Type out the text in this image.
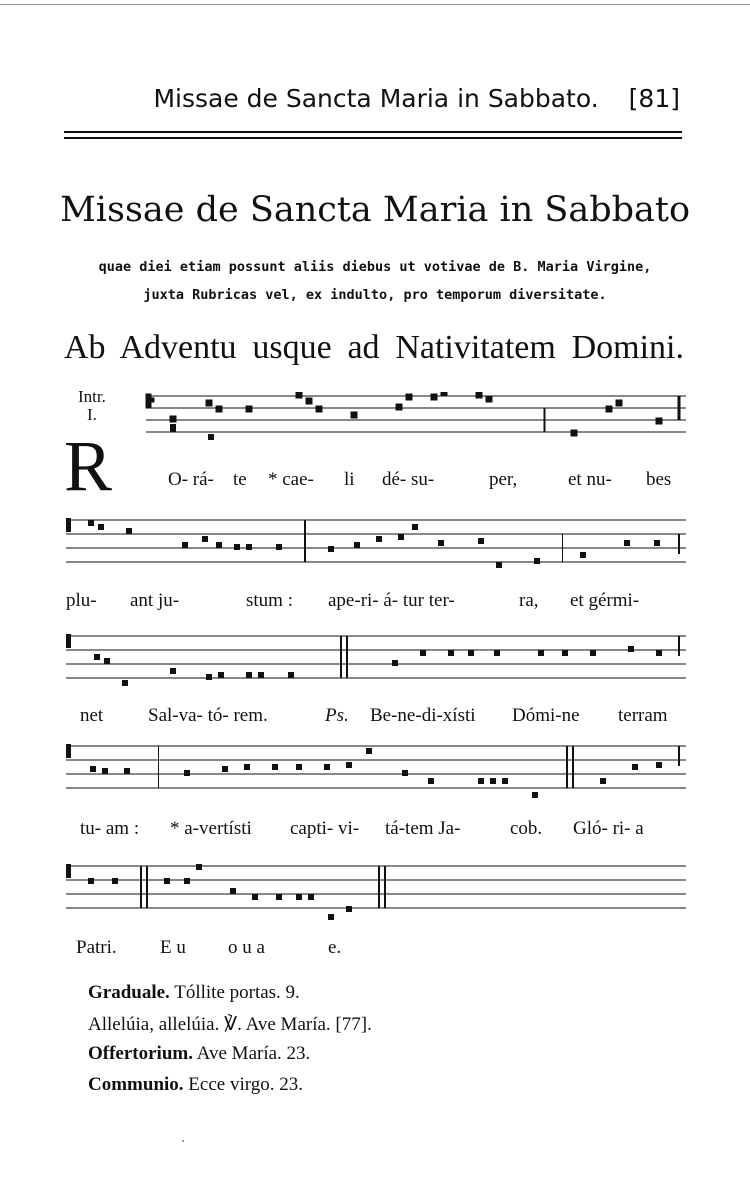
Missae de Sancta Maria in Sabbato. [81]
Missae de Sancta Maria in Sabbato
quae diei etiam possunt aliis diebus ut votivae de B. Maria Virgine,
juxta Rubricas vel, ex indulto, pro temporum diversitate.
Ab Adventu usque ad Nativitatem Domini.
Intr.
I.
R	O- rá- te * cae- li dé- su-	per,	et nu- bes
plu- ant ju-	stum : ape-ri- á- tur ter-	ra, et gérmi-
net Sal-va- tó- rem.	Ps. Be-ne-di-xísti Dómi-ne terram
tu- am : * a-vertísti capti- vi- tá-tem Ja-	cob. Gló- ri- a
Patri. E u o u a	e.
Graduale. Tóllite portas. 9.
Allelúia, allelúia. ℣. Ave María. [77].
Offertorium. Ave María. 23.
Communio. Ecce virgo. 23.
